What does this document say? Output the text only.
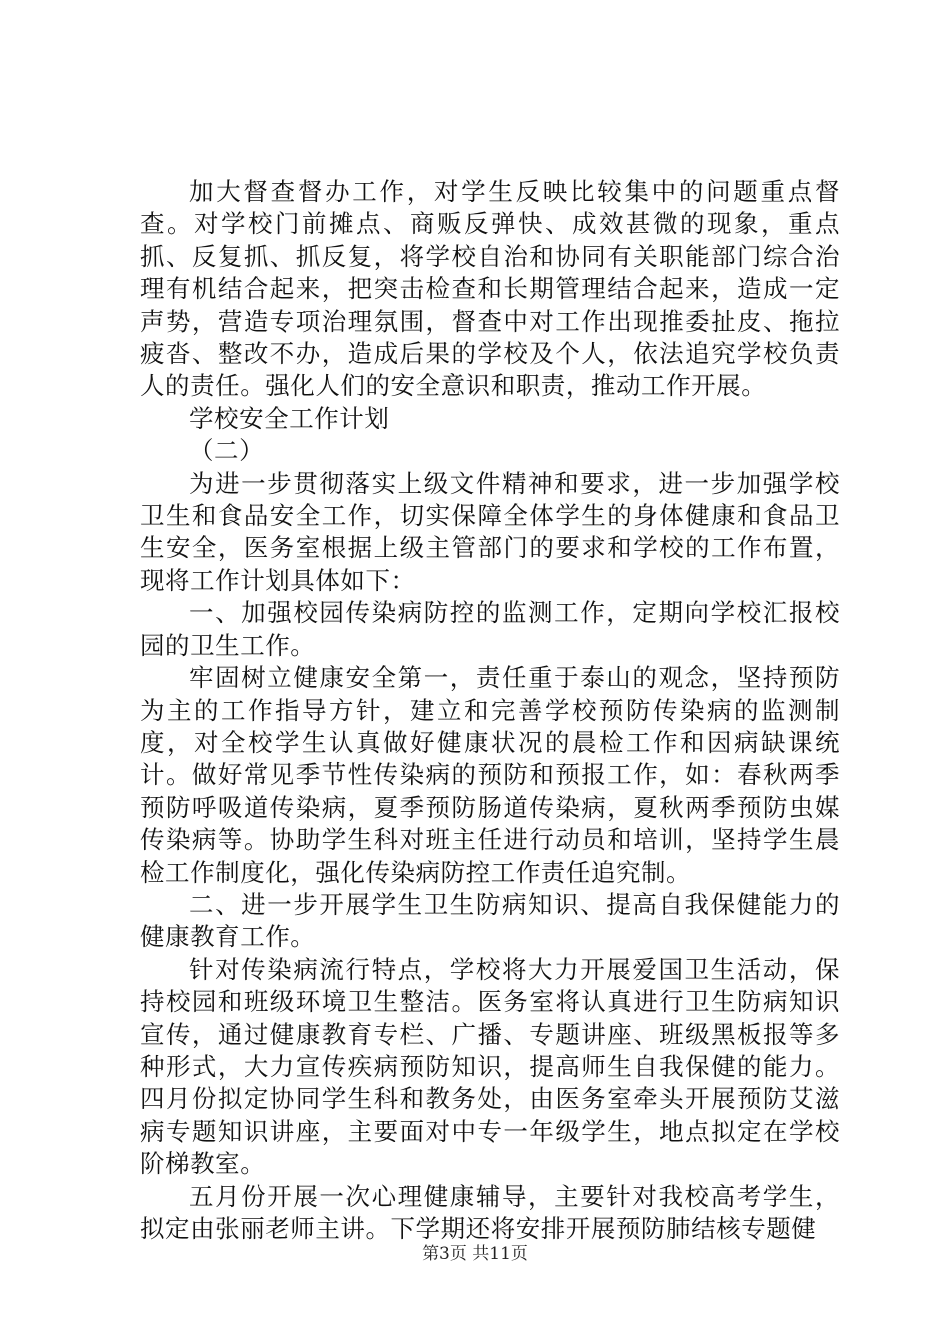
加大督查督办工作，对学生反映比较集中的问题重点督查。对学校门前摊点、商贩反弹快、成效甚微的现象，重点抓、反复抓、抓反复，将学校自治和协同有关职能部门综合治理有机结合起来，把突击检查和长期管理结合起来，造成一定声势，营造专项治理氛围，督查中对工作出现推委扯皮、拖拉疲沓、整改不办，造成后果的学校及个人，依法追究学校负责人的责任。强化人们的安全意识和职责，推动工作开展。

学校安全工作计划

（二）

为进一步贯彻落实上级文件精神和要求，进一步加强学校卫生和食品安全工作，切实保障全体学生的身体健康和食品卫生安全，医务室根据上级主管部门的要求和学校的工作布置，现将工作计划具体如下：

一、加强校园传染病防控的监测工作，定期向学校汇报校园的卫生工作。

牢固树立健康安全第一，责任重于泰山的观念，坚持预防为主的工作指导方针，建立和完善学校预防传染病的监测制度，对全校学生认真做好健康状况的晨检工作和因病缺课统计。做好常见季节性传染病的预防和预报工作，如：春秋两季预防呼吸道传染病，夏季预防肠道传染病，夏秋两季预防虫媒传染病等。协助学生科对班主任进行动员和培训，坚持学生晨检工作制度化，强化传染病防控工作责任追究制。

二、进一步开展学生卫生防病知识、提高自我保健能力的健康教育工作。

针对传染病流行特点，学校将大力开展爱国卫生活动，保持校园和班级环境卫生整洁。医务室将认真进行卫生防病知识宣传，通过健康教育专栏、广播、专题讲座、班级黑板报等多种形式，大力宣传疾病预防知识，提高师生自我保健的能力。四月份拟定协同学生科和教务处，由医务室牵头开展预防艾滋病专题知识讲座，主要面对中专一年级学生，地点拟定在学校阶梯教室。

五月份开展一次心理健康辅导，主要针对我校高考学生，拟定由张丽老师主讲。下学期还将安排开展预防肺结核专题健

第3页 共11页
